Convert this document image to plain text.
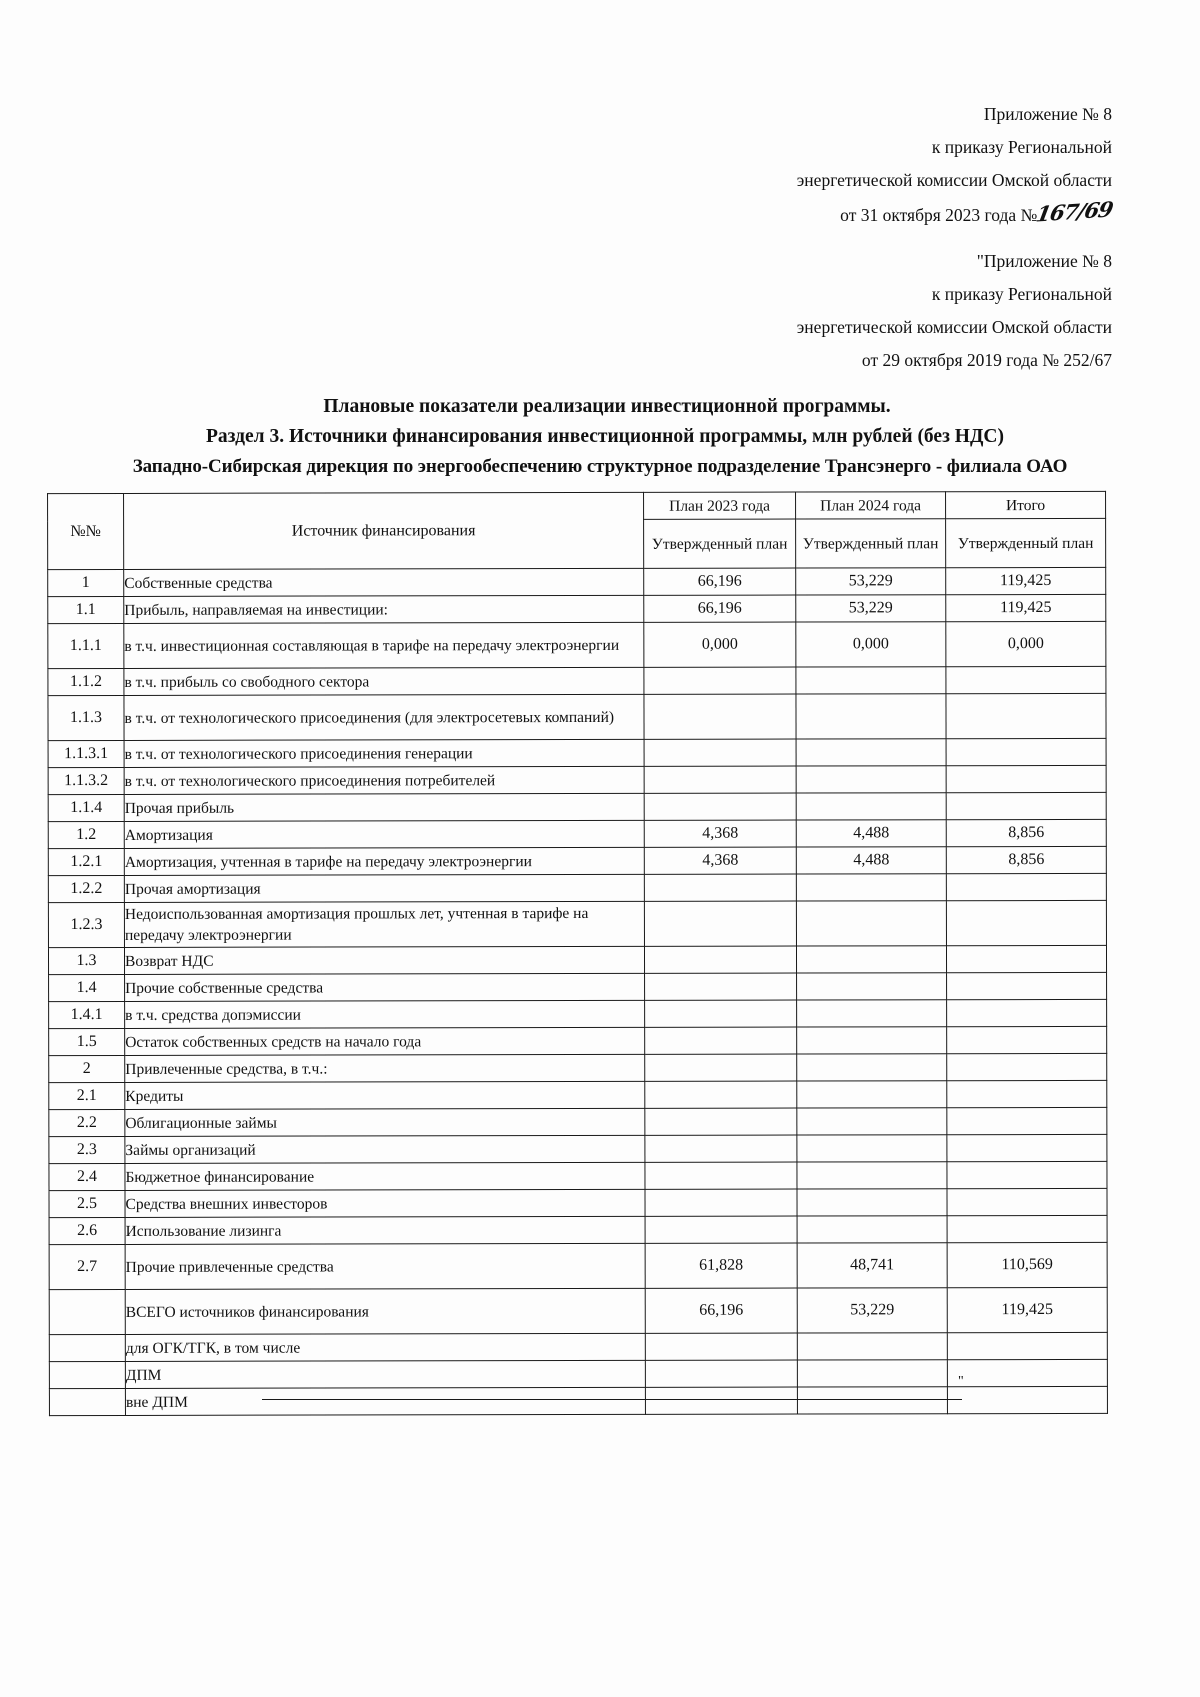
Приложение № 8
к приказу Региональной
энергетической комиссии Омской области
от 31 октября 2023 года №167/69
"Приложение № 8
к приказу Региональной
энергетической комиссии Омской области
от 29 октября 2019 года № 252/67
Плановые показатели реализации инвестиционной программы.
Раздел 3. Источники финансирования инвестиционной программы, млн рублей (без НДС)
Западно-Сибирская дирекция по энергообеспечению структурное подразделение Трансэнерго - филиала ОАО
№№	Источник финансирования	План 2023 года	План 2024 года	Итого
		Утвержденный план	Утвержденный план	Утвержденный план
1	Собственные средства	66,196	53,229	119,425
1.1	Прибыль, направляемая на инвестиции:	66,196	53,229	119,425
1.1.1	в т.ч. инвестиционная составляющая в тарифе на передачу электроэнергии	0,000	0,000	0,000
1.1.2	в т.ч. прибыль со свободного сектора			
1.1.3	в т.ч. от технологического присоединения (для электросетевых компаний)			
1.1.3.1	в т.ч. от технологического присоединения генерации			
1.1.3.2	в т.ч. от технологического присоединения потребителей			
1.1.4	Прочая прибыль			
1.2	Амортизация	4,368	4,488	8,856
1.2.1	Амортизация, учтенная в тарифе на передачу электроэнергии	4,368	4,488	8,856
1.2.2	Прочая амортизация			
1.2.3	Недоиспользованная амортизация прошлых лет, учтенная в тарифе на передачу электроэнергии			
1.3	Возврат НДС			
1.4	Прочие собственные средства			
1.4.1	в т.ч. средства допэмиссии			
1.5	Остаток собственных средств на начало года			
2	Привлеченные средства, в т.ч.:			
2.1	Кредиты			
2.2	Облигационные займы			
2.3	Займы организаций			
2.4	Бюджетное финансирование			
2.5	Средства внешних инвесторов			
2.6	Использование лизинга			
2.7	Прочие привлеченные средства	61,828	48,741	110,569
	ВСЕГО источников финансирования	66,196	53,229	119,425
	для ОГК/ТГК, в том числе			
	ДПМ			
	вне ДПМ			
"
